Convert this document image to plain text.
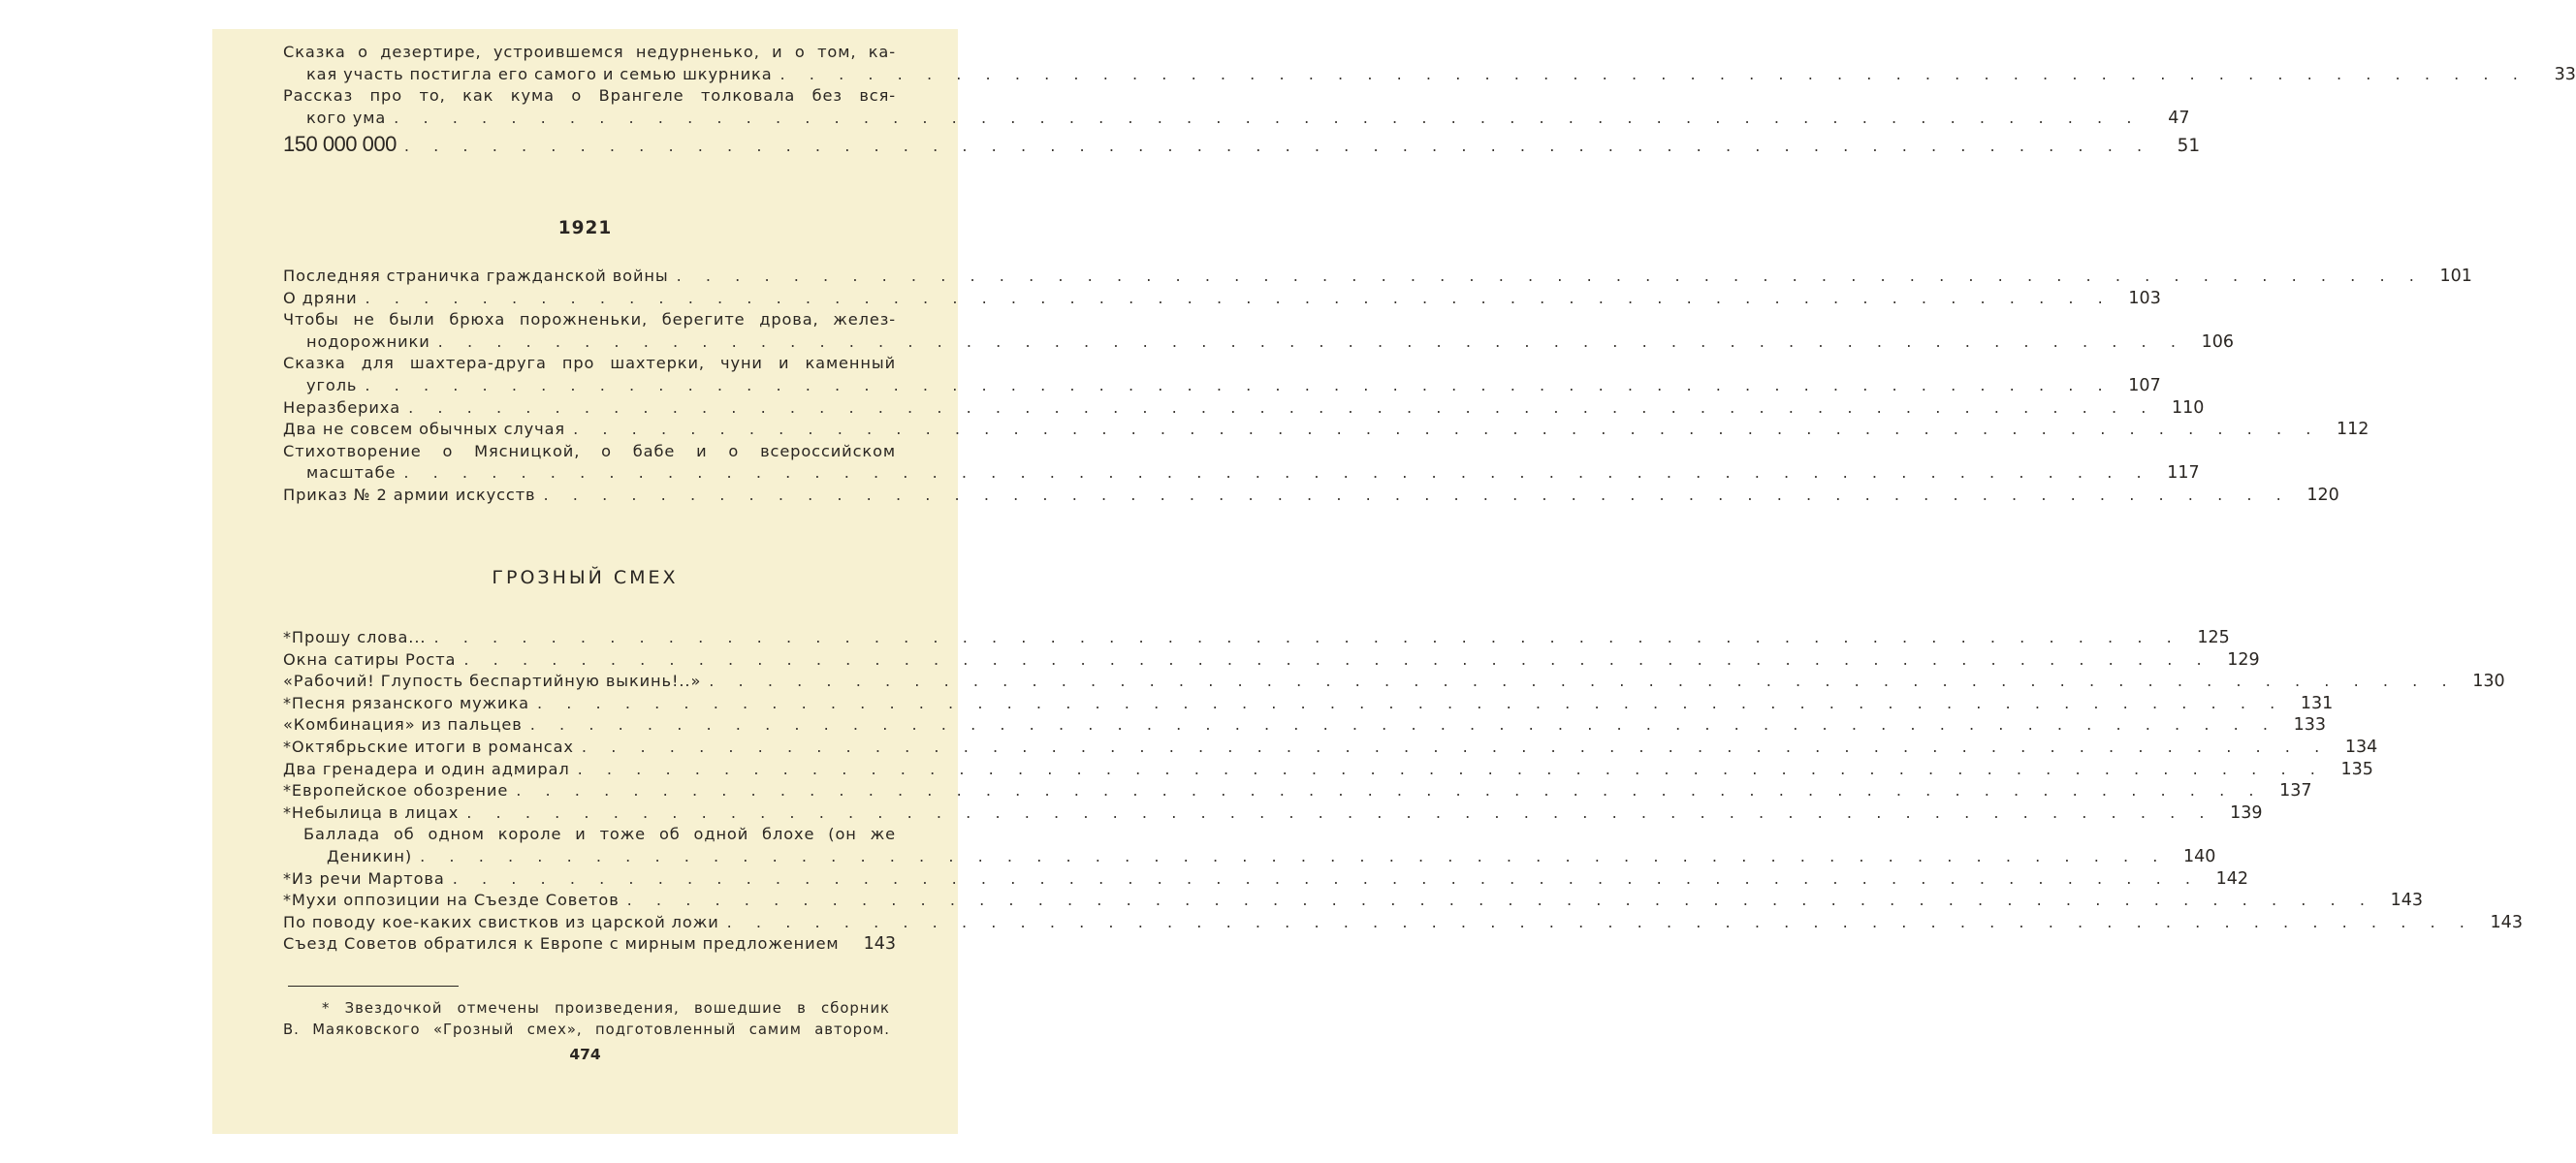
Сказка о дезертире, устроившемся недурненько, и о том, ка-
кая участь постигла его самого и семью шкурника . . . . . . . . . . . . . . . . . . . . . . . . . . . . . . . . . . . . . . . . . . . . . . . . . . . . . . . . . . . .	33
Рассказ про то, как кума о Врангеле толковала без вся-
кого ума . . . . . . . . . . . . . . . . . . . . . . . . . . . . . . . . . . . . . . . . . . . . . . . . . . . . . . . . . . . .	47
150 000 000 . . . . . . . . . . . . . . . . . . . . . . . . . . . . . . . . . . . . . . . . . . . . . . . . . . . . . . . . . . . .	51
1921
Последняя страничка гражданской войны . . . . . . . . . . . . . . . . . . . . . . . . . . . . . . . . . . . . . . . . . . . . . . . . . . . . . . . . . . . . 101
О дряни . . . . . . . . . . . . . . . . . . . . . . . . . . . . . . . . . . . . . . . . . . . . . . . . . . . . . . . . . . . . 103
Чтобы не были брюха порожненьки, берегите дрова, желез-
нодорожники . . . . . . . . . . . . . . . . . . . . . . . . . . . . . . . . . . . . . . . . . . . . . . . . . . . . . . . . . . . . 106
Сказка для шахтера-друга про шахтерки, чуни и каменный
уголь . . . . . . . . . . . . . . . . . . . . . . . . . . . . . . . . . . . . . . . . . . . . . . . . . . . . . . . . . . . . 107
Неразбериха . . . . . . . . . . . . . . . . . . . . . . . . . . . . . . . . . . . . . . . . . . . . . . . . . . . . . . . . . . . . 110
Два не совсем обычных случая . . . . . . . . . . . . . . . . . . . . . . . . . . . . . . . . . . . . . . . . . . . . . . . . . . . . . . . . . . . . 112
Стихотворение о Мясницкой, о бабе и о всероссийском
масштабе . . . . . . . . . . . . . . . . . . . . . . . . . . . . . . . . . . . . . . . . . . . . . . . . . . . . . . . . . . . . 117
Приказ № 2 армии искусств . . . . . . . . . . . . . . . . . . . . . . . . . . . . . . . . . . . . . . . . . . . . . . . . . . . . . . . . . . . . 120
ГРОЗНЫЙ СМЕХ
* Прошу слова... . . . . . . . . . . . . . . . . . . . . . . . . . . . . . . . . . . . . . . . . . . . . . . . . . . . . . . . . . . . . 125
Окна сатиры Роста . . . . . . . . . . . . . . . . . . . . . . . . . . . . . . . . . . . . . . . . . . . . . . . . . . . . . . . . . . . . 129
«Рабочий! Глупость беспартийную выкинь!..» . . . . . . . . . . . . . . . . . . . . . . . . . . . . . . . . . . . . . . . . . . . . . . . . . . . . . . . . . . . . 130
* Песня рязанского мужика . . . . . . . . . . . . . . . . . . . . . . . . . . . . . . . . . . . . . . . . . . . . . . . . . . . . . . . . . . . . 131
«Комбинация» из пальцев . . . . . . . . . . . . . . . . . . . . . . . . . . . . . . . . . . . . . . . . . . . . . . . . . . . . . . . . . . . . 133
* Октябрьские итоги в романсах . . . . . . . . . . . . . . . . . . . . . . . . . . . . . . . . . . . . . . . . . . . . . . . . . . . . . . . . . . . . 134
Два гренадера и один адмирал . . . . . . . . . . . . . . . . . . . . . . . . . . . . . . . . . . . . . . . . . . . . . . . . . . . . . . . . . . . . 135
* Европейское обозрение . . . . . . . . . . . . . . . . . . . . . . . . . . . . . . . . . . . . . . . . . . . . . . . . . . . . . . . . . . . . 137
* Небылица в лицах . . . . . . . . . . . . . . . . . . . . . . . . . . . . . . . . . . . . . . . . . . . . . . . . . . . . . . . . . . . . 139
Баллада об одном короле и тоже об одной блохе (он же
Деникин) . . . . . . . . . . . . . . . . . . . . . . . . . . . . . . . . . . . . . . . . . . . . . . . . . . . . . . . . . . . . 140
* Из речи Мартова . . . . . . . . . . . . . . . . . . . . . . . . . . . . . . . . . . . . . . . . . . . . . . . . . . . . . . . . . . . . 142
* Мухи оппозиции на Съезде Советов . . . . . . . . . . . . . . . . . . . . . . . . . . . . . . . . . . . . . . . . . . . . . . . . . . . . . . . . . . . . 143
По поводу кое-каких свистков из царской ложи . . . . . . . . . . . . . . . . . . . . . . . . . . . . . . . . . . . . . . . . . . . . . . . . . . . . . . . . . . . . 143
Съезд Советов обратился к Европе с мирным предложением	143
* Звездочкой отмечены произведения, вошедшие в сборник
В. Маяковского «Грозный смех», подготовленный самим автором.
474
